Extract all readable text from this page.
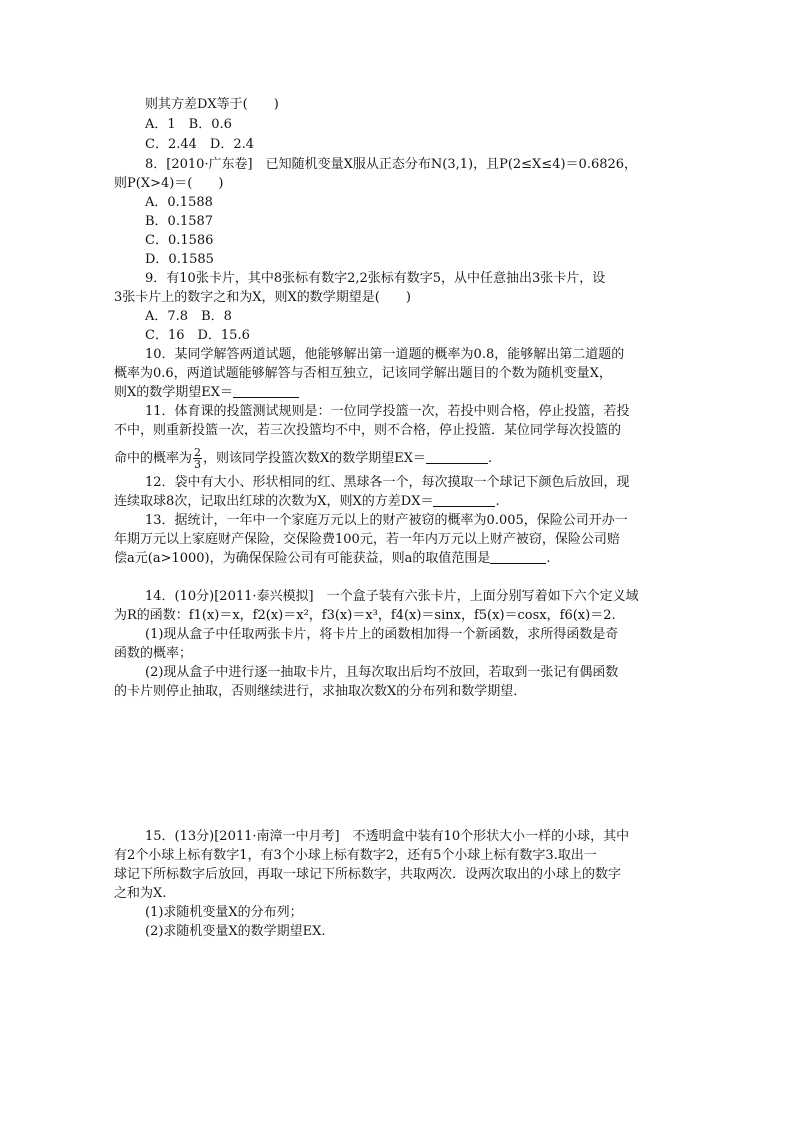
则其方差DX等于(　　)
A．1　B．0.6
C．2.44　D．2.4
8．[2010·广东卷]　已知随机变量X服从正态分布N(3,1)，且P(2≤X≤4)＝0.6826，
则P(X>4)＝(　　)
A．0.1588
B．0.1587
C．0.1586
D．0.1585
9．有10张卡片，其中8张标有数字2,2张标有数字5，从中任意抽出3张卡片，设
3张卡片上的数字之和为X，则X的数学期望是(　　)
A．7.8　B．8
C．16　D．15.6
10．某同学解答两道试题，他能够解出第一道题的概率为0.8，能够解出第二道题的
概率为0.6，两道试题能够解答与否相互独立，记该同学解出题目的个数为随机变量X，
则X的数学期望EX＝
11．体育课的投篮测试规则是：一位同学投篮一次，若投中则合格，停止投篮，若投
不中，则重新投篮一次，若三次投篮均不中，则不合格，停止投篮．某位同学每次投篮的
命中的概率为 $\frac{2}{3}$ ，则该同学投篮次数X的数学期望EX＝	.
12．袋中有大小、形状相同的红、黑球各一个，每次摸取一个球记下颜色后放回，现
连续取球8次，记取出红球的次数为X，则X的方差DX＝	.
13．据统计，一年中一个家庭万元以上的财产被窃的概率为0.005，保险公司开办一
年期万元以上家庭财产保险，交保险费100元，若一年内万元以上财产被窃，保险公司赔
偿a元(a>1000)，为确保保险公司有可能获益，则a的取值范围是	.
14．(10分)[2011·泰兴模拟]　一个盒子装有六张卡片，上面分别写着如下六个定义域
为R的函数：f1(x)＝x，f2(x)＝x²，f3(x)＝x³，f4(x)＝sinx，f5(x)＝cosx，f6(x)＝2.
(1)现从盒子中任取两张卡片，将卡片上的函数相加得一个新函数，求所得函数是奇
函数的概率；
(2)现从盒子中进行逐一抽取卡片，且每次取出后均不放回，若取到一张记有偶函数
的卡片则停止抽取，否则继续进行，求抽取次数X的分布列和数学期望．
15．(13分)[2011·南漳一中月考]　不透明盒中装有10个形状大小一样的小球，其中
有2个小球上标有数字1，有3个小球上标有数字2，还有5个小球上标有数字3.取出一
球记下所标数字后放回，再取一球记下所标数字，共取两次．设两次取出的小球上的数字
之和为X.
(1)求随机变量X的分布列；
(2)求随机变量X的数学期望EX.
